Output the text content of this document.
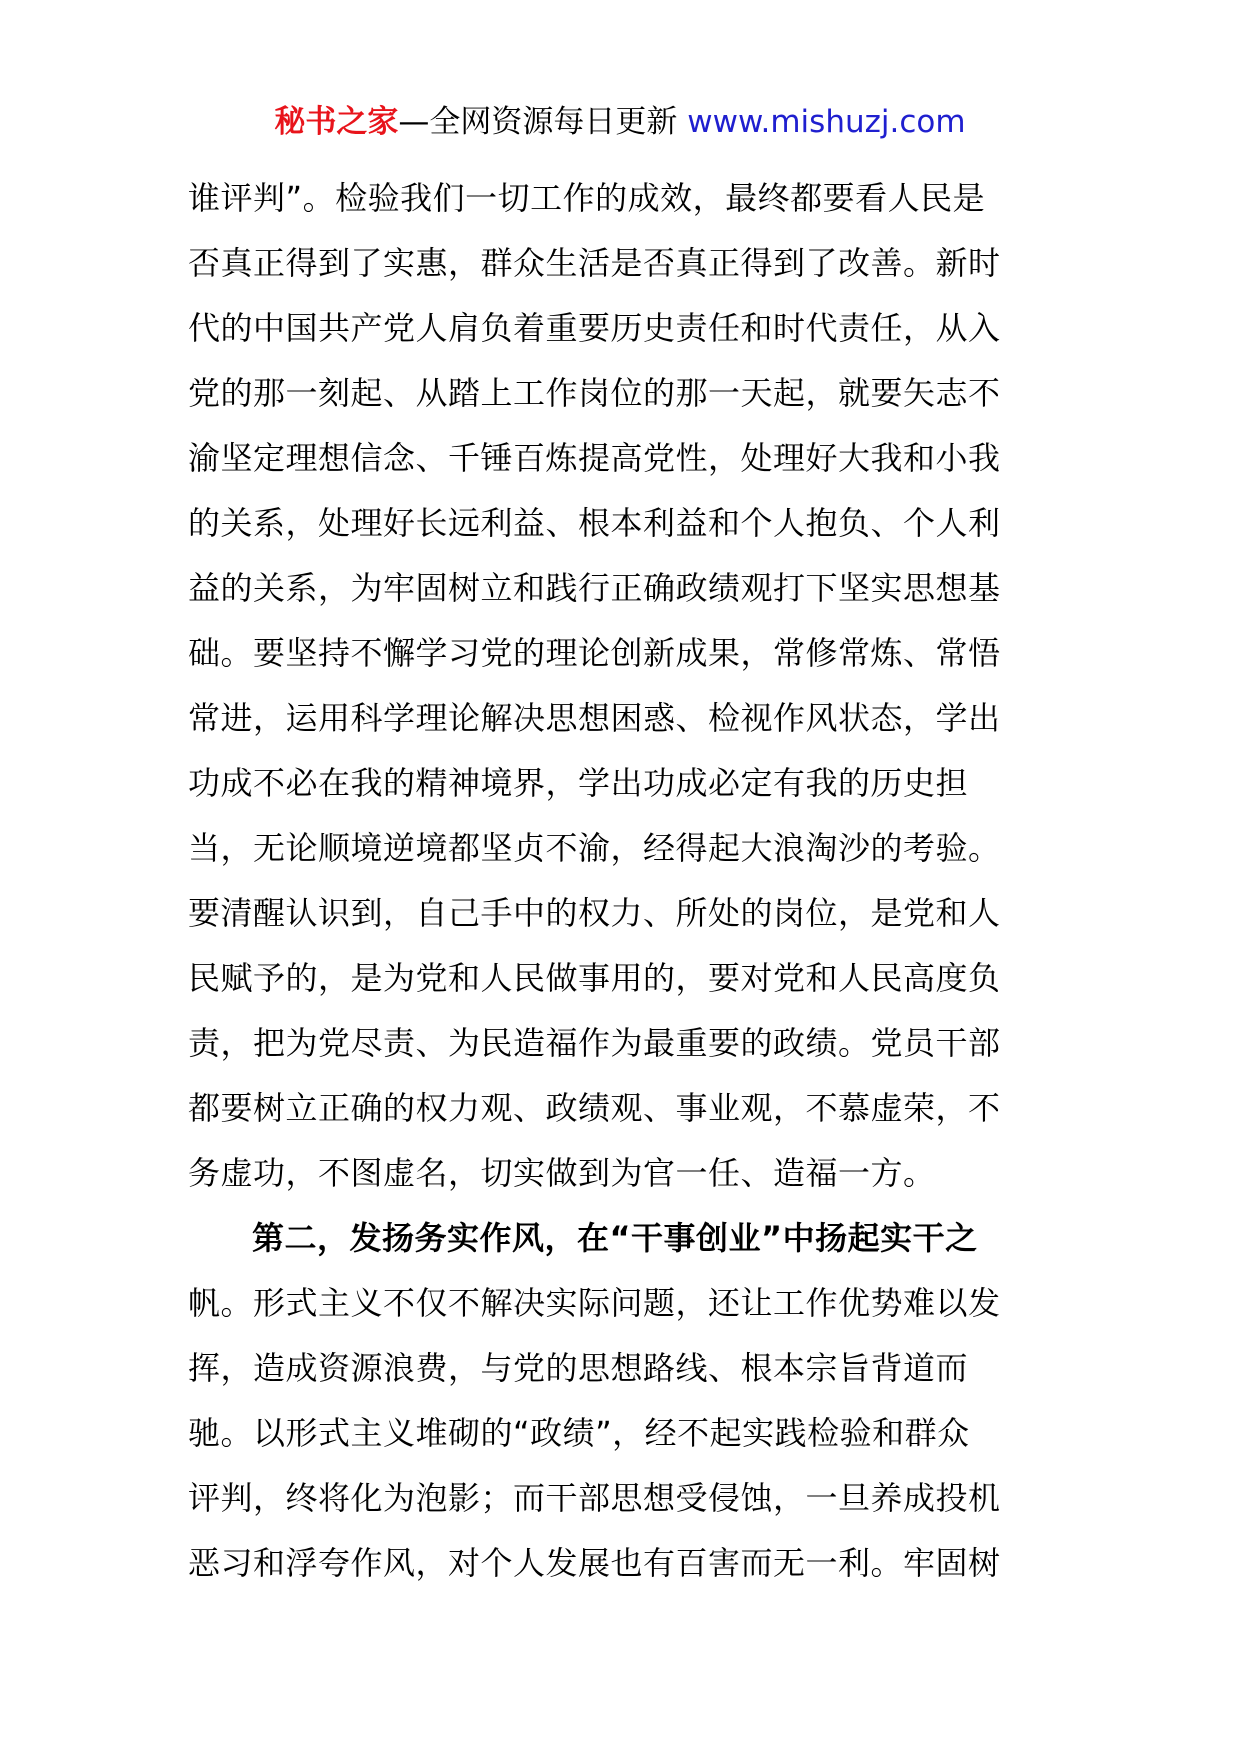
秘书之家—全网资源每日更新 www.mishuzj.com
谁评判”。检验我们一切工作的成效，最终都要看人民是
否真正得到了实惠，群众生活是否真正得到了改善。新时
代的中国共产党人肩负着重要历史责任和时代责任，从入
党的那一刻起、从踏上工作岗位的那一天起，就要矢志不
渝坚定理想信念、千锤百炼提高党性，处理好大我和小我
的关系，处理好长远利益、根本利益和个人抱负、个人利
益的关系，为牢固树立和践行正确政绩观打下坚实思想基
础。要坚持不懈学习党的理论创新成果，常修常炼、常悟
常进，运用科学理论解决思想困惑、检视作风状态，学出
功成不必在我的精神境界，学出功成必定有我的历史担
当，无论顺境逆境都坚贞不渝，经得起大浪淘沙的考验。
要清醒认识到，自己手中的权力、所处的岗位，是党和人
民赋予的，是为党和人民做事用的，要对党和人民高度负
责，把为党尽责、为民造福作为最重要的政绩。党员干部
都要树立正确的权力观、政绩观、事业观，不慕虚荣，不
务虚功，不图虚名，切实做到为官一任、造福一方。
第二，发扬务实作风，在“干事创业”中扬起实干之
帆。形式主义不仅不解决实际问题，还让工作优势难以发
挥，造成资源浪费，与党的思想路线、根本宗旨背道而
驰。以形式主义堆砌的“政绩”，经不起实践检验和群众
评判，终将化为泡影；而干部思想受侵蚀，一旦养成投机
恶习和浮夸作风，对个人发展也有百害而无一利。牢固树
